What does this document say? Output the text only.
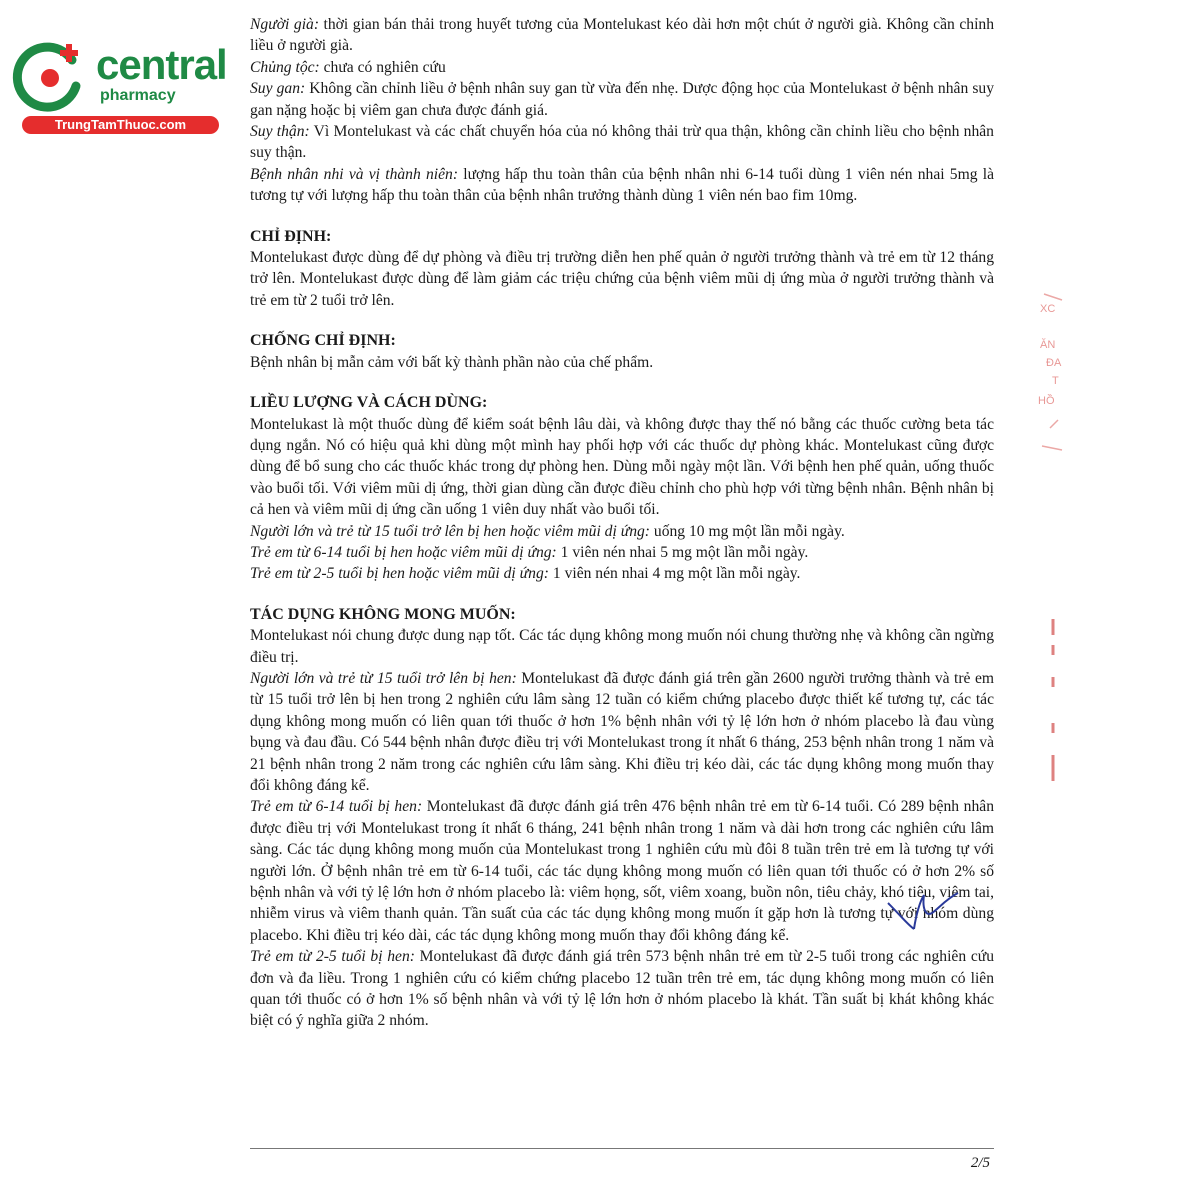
central
pharmacy
TrungTamThuoc.com

Người già: thời gian bán thải trong huyết tương của Montelukast kéo dài hơn một chút ở người già. Không cần chỉnh liều ở người già.

Chủng tộc: chưa có nghiên cứu

Suy gan: Không cần chỉnh liều ở bệnh nhân suy gan từ vừa đến nhẹ. Dược động học của Montelukast ở bệnh nhân suy gan nặng hoặc bị viêm gan chưa được đánh giá.

Suy thận: Vì Montelukast và các chất chuyển hóa của nó không thải trừ qua thận, không cần chỉnh liều cho bệnh nhân suy thận.

Bệnh nhân nhi và vị thành niên: lượng hấp thu toàn thân của bệnh nhân nhi 6-14 tuổi dùng 1 viên nén nhai 5mg là tương tự với lượng hấp thu toàn thân của bệnh nhân trưởng thành dùng 1 viên nén bao fim 10mg.

CHỈ ĐỊNH:

Montelukast được dùng để dự phòng và điều trị trường diễn hen phế quản ở người trưởng thành và trẻ em từ 12 tháng trở lên. Montelukast được dùng để làm giảm các triệu chứng của bệnh viêm mũi dị ứng mùa ở người trưởng thành và trẻ em từ 2 tuổi trở lên.

CHỐNG CHỈ ĐỊNH:

Bệnh nhân bị mẫn cảm với bất kỳ thành phần nào của chế phẩm.

LIỀU LƯỢNG VÀ CÁCH DÙNG:

Montelukast là một thuốc dùng để kiểm soát bệnh lâu dài, và không được thay thế nó bằng các thuốc cường beta tác dụng ngắn. Nó có hiệu quả khi dùng một mình hay phối hợp với các thuốc dự phòng khác. Montelukast cũng được dùng để bổ sung cho các thuốc khác trong dự phòng hen. Dùng mỗi ngày một lần. Với bệnh hen phế quản, uống thuốc vào buổi tối. Với viêm mũi dị ứng, thời gian dùng cần được điều chỉnh cho phù hợp với từng bệnh nhân. Bệnh nhân bị cả hen và viêm mũi dị ứng cần uống 1 viên duy nhất vào buổi tối.

Người lớn và trẻ từ 15 tuổi trở lên bị hen hoặc viêm mũi dị ứng: uống 10 mg một lần mỗi ngày.

Trẻ em từ 6-14 tuổi bị hen hoặc viêm mũi dị ứng: 1 viên nén nhai 5 mg một lần mỗi ngày.

Trẻ em từ 2-5 tuổi bị hen hoặc viêm mũi dị ứng: 1 viên nén nhai 4 mg một lần mỗi ngày.

TÁC DỤNG KHÔNG MONG MUỐN:

Montelukast nói chung được dung nạp tốt. Các tác dụng không mong muốn nói chung thường nhẹ và không cần ngừng điều trị.

Người lớn và trẻ từ 15 tuổi trở lên bị hen: Montelukast đã được đánh giá trên gần 2600 người trưởng thành và trẻ em từ 15 tuổi trở lên bị hen trong 2 nghiên cứu lâm sàng 12 tuần có kiểm chứng placebo được thiết kế tương tự, các tác dụng không mong muốn có liên quan tới thuốc ở hơn 1% bệnh nhân với tỷ lệ lớn hơn ở nhóm placebo là đau vùng bụng và đau đầu. Có 544 bệnh nhân được điều trị với Montelukast trong ít nhất 6 tháng, 253 bệnh nhân trong 1 năm và 21 bệnh nhân trong 2 năm trong các nghiên cứu lâm sàng. Khi điều trị kéo dài, các tác dụng không mong muốn thay đổi không đáng kể.

Trẻ em từ 6-14 tuổi bị hen: Montelukast đã được đánh giá trên 476 bệnh nhân trẻ em từ 6-14 tuổi. Có 289 bệnh nhân được điều trị với Montelukast trong ít nhất 6 tháng, 241 bệnh nhân trong 1 năm và dài hơn trong các nghiên cứu lâm sàng. Các tác dụng không mong muốn của Montelukast trong 1 nghiên cứu mù đôi 8 tuần trên trẻ em là tương tự với người lớn. Ở bệnh nhân trẻ em từ 6-14 tuổi, các tác dụng không mong muốn có liên quan tới thuốc có ở hơn 2% số bệnh nhân và với tỷ lệ lớn hơn ở nhóm placebo là: viêm họng, sốt, viêm xoang, buồn nôn, tiêu chảy, khó tiêu, viêm tai, nhiễm virus và viêm thanh quản. Tần suất của các tác dụng không mong muốn ít gặp hơn là tương tự với nhóm dùng placebo. Khi điều trị kéo dài, các tác dụng không mong muốn thay đổi không đáng kể.

Trẻ em từ 2-5 tuổi bị hen: Montelukast đã được đánh giá trên 573 bệnh nhân trẻ em từ 2-5 tuổi trong các nghiên cứu đơn và đa liều. Trong 1 nghiên cứu có kiểm chứng placebo 12 tuần trên trẻ em, tác dụng không mong muốn có liên quan tới thuốc có ở hơn 1% số bệnh nhân và với tỷ lệ lớn hơn ở nhóm placebo là khát. Tần suất bị khát không khác biệt có ý nghĩa giữa 2 nhóm.

XC
ĂN
ĐA
T
HỒ
2/5
